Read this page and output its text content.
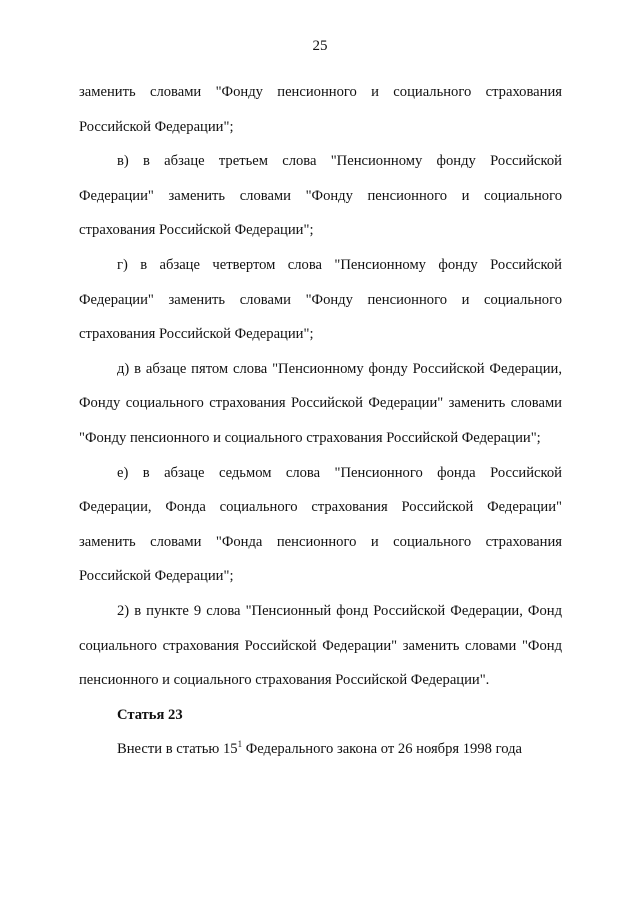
25

заменить словами "Фонду пенсионного и социального страхования Российской Федерации";

в) в абзаце третьем слова "Пенсионному фонду Российской Федерации" заменить словами "Фонду пенсионного и социального страхования Российской Федерации";

г) в абзаце четвертом слова "Пенсионному фонду Российской Федерации" заменить словами "Фонду пенсионного и социального страхования Российской Федерации";

д) в абзаце пятом слова "Пенсионному фонду Российской Федерации, Фонду социального страхования Российской Федерации" заменить словами "Фонду пенсионного и социального страхования Российской Федерации";

е) в абзаце седьмом слова "Пенсионного фонда Российской Федерации, Фонда социального страхования Российской Федерации" заменить словами "Фонда пенсионного и социального страхования Российской Федерации";

2) в пункте 9 слова "Пенсионный фонд Российской Федерации, Фонд социального страхования Российской Федерации" заменить словами "Фонд пенсионного и социального страхования Российской Федерации".

Статья 23

Внести в статью $15^1$ Федерального закона от 26 ноября 1998 года
